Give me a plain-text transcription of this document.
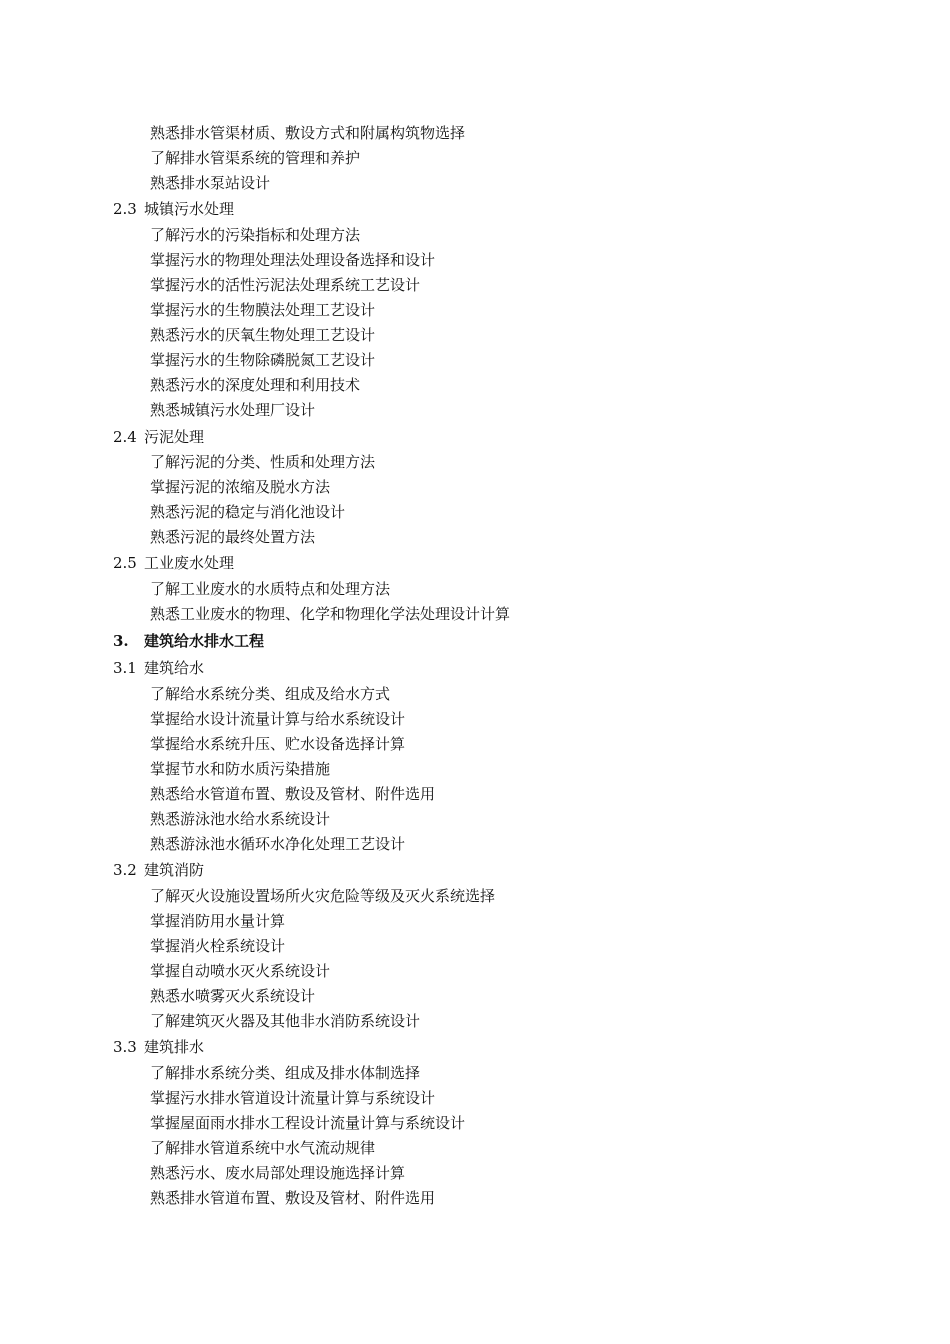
熟悉排水管渠材质、敷设方式和附属构筑物选择
了解排水管渠系统的管理和养护
熟悉排水泵站设计
2.3 城镇污水处理
了解污水的污染指标和处理方法
掌握污水的物理处理法处理设备选择和设计
掌握污水的活性污泥法处理系统工艺设计
掌握污水的生物膜法处理工艺设计
熟悉污水的厌氧生物处理工艺设计
掌握污水的生物除磷脱氮工艺设计
熟悉污水的深度处理和利用技术
熟悉城镇污水处理厂设计
2.4 污泥处理
了解污泥的分类、性质和处理方法
掌握污泥的浓缩及脱水方法
熟悉污泥的稳定与消化池设计
熟悉污泥的最终处置方法
2.5 工业废水处理
了解工业废水的水质特点和处理方法
熟悉工业废水的物理、化学和物理化学法处理设计计算
3. 建筑给水排水工程
3.1 建筑给水
了解给水系统分类、组成及给水方式
掌握给水设计流量计算与给水系统设计
掌握给水系统升压、贮水设备选择计算
掌握节水和防水质污染措施
熟悉给水管道布置、敷设及管材、附件选用
熟悉游泳池水给水系统设计
熟悉游泳池水循环水净化处理工艺设计
3.2 建筑消防
了解灭火设施设置场所火灾危险等级及灭火系统选择
掌握消防用水量计算
掌握消火栓系统设计
掌握自动喷水灭火系统设计
熟悉水喷雾灭火系统设计
了解建筑灭火器及其他非水消防系统设计
3.3 建筑排水
了解排水系统分类、组成及排水体制选择
掌握污水排水管道设计流量计算与系统设计
掌握屋面雨水排水工程设计流量计算与系统设计
了解排水管道系统中水气流动规律
熟悉污水、废水局部处理设施选择计算
熟悉排水管道布置、敷设及管材、附件选用
